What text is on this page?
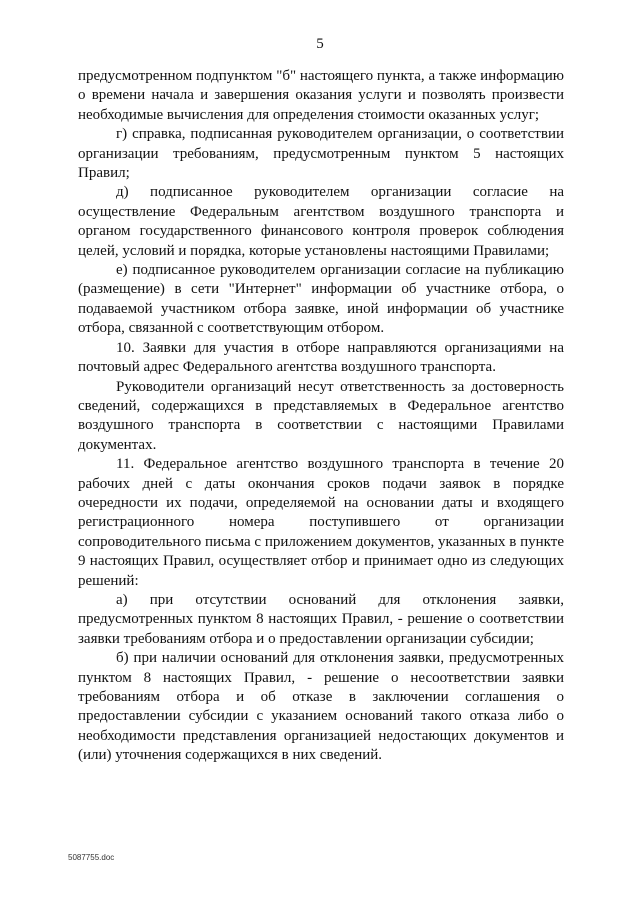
5

предусмотренном подпунктом "б" настоящего пункта, а также информацию о времени начала и завершения оказания услуги и позволять произвести необходимые вычисления для определения стоимости оказанных услуг;

г) справка, подписанная руководителем организации, о соответствии организации требованиям, предусмотренным пунктом 5 настоящих Правил;

д) подписанное руководителем организации согласие на осуществление Федеральным агентством воздушного транспорта и органом государственного финансового контроля проверок соблюдения целей, условий и порядка, которые установлены настоящими Правилами;

е) подписанное руководителем организации согласие на публикацию (размещение) в сети "Интернет" информации об участнике отбора, о подаваемой участником отбора заявке, иной информации об участнике отбора, связанной с соответствующим отбором.

10. Заявки для участия в отборе направляются организациями на почтовый адрес Федерального агентства воздушного транспорта.

Руководители организаций несут ответственность за достоверность сведений, содержащихся в представляемых в Федеральное агентство воздушного транспорта в соответствии с настоящими Правилами документах.

11. Федеральное агентство воздушного транспорта в течение 20 рабочих дней с даты окончания сроков подачи заявок в порядке очередности их подачи, определяемой на основании даты и входящего регистрационного номера поступившего от организации сопроводительного письма с приложением документов, указанных в пункте 9 настоящих Правил, осуществляет отбор и принимает одно из следующих решений:

а) при отсутствии оснований для отклонения заявки, предусмотренных пунктом 8 настоящих Правил, - решение о соответствии заявки требованиям отбора и о предоставлении организации субсидии;

б) при наличии оснований для отклонения заявки, предусмотренных пунктом 8 настоящих Правил, - решение о несоответствии заявки требованиям отбора и об отказе в заключении соглашения о предоставлении субсидии с указанием оснований такого отказа либо о необходимости представления организацией недостающих документов и (или) уточнения содержащихся в них сведений.

5087755.doc
